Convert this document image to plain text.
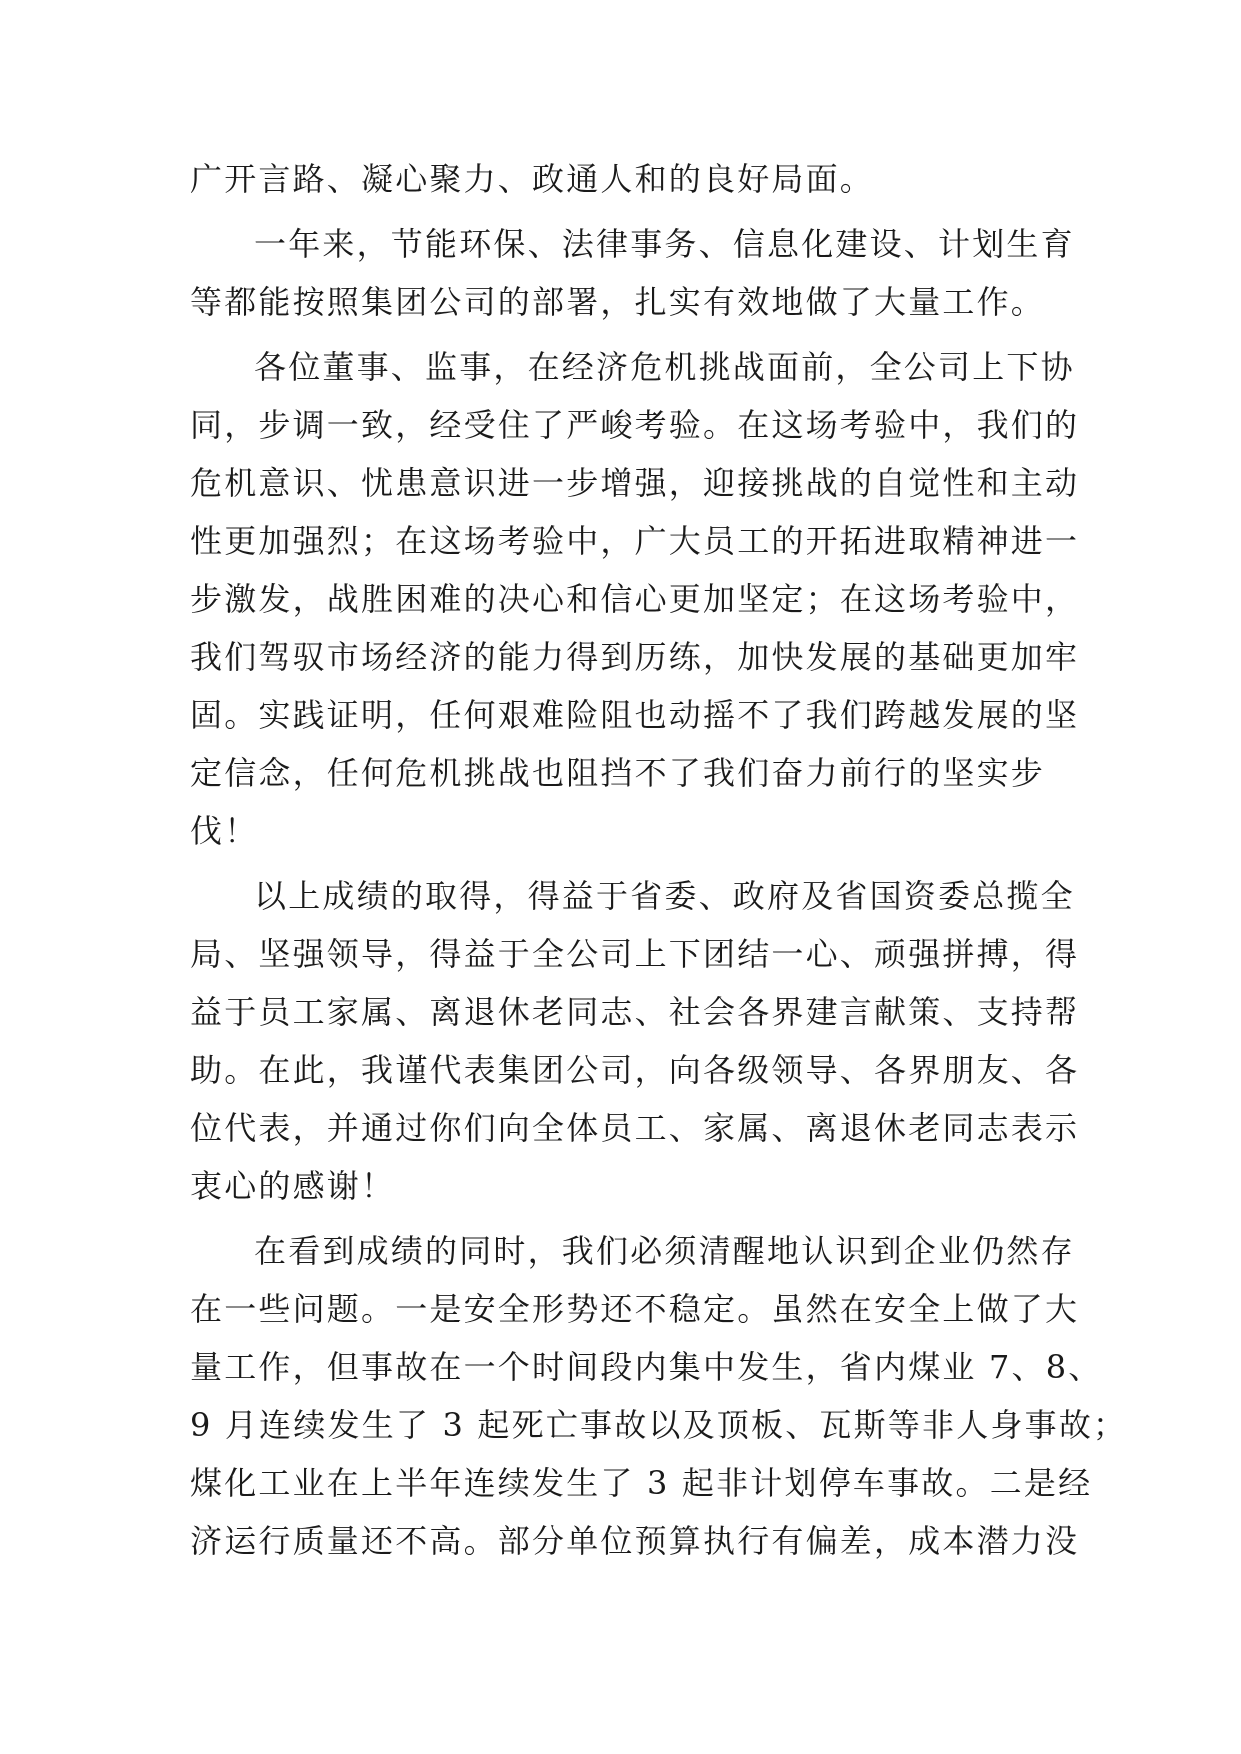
广开言路、凝心聚力、政通人和的良好局面。
一年来，节能环保、法律事务、信息化建设、计划生育
等都能按照集团公司的部署，扎实有效地做了大量工作。
各位董事、监事，在经济危机挑战面前，全公司上下协
同，步调一致，经受住了严峻考验。在这场考验中，我们的
危机意识、忧患意识进一步增强，迎接挑战的自觉性和主动
性更加强烈；在这场考验中，广大员工的开拓进取精神进一
步激发，战胜困难的决心和信心更加坚定；在这场考验中，
我们驾驭市场经济的能力得到历练，加快发展的基础更加牢
固。实践证明，任何艰难险阻也动摇不了我们跨越发展的坚
定信念，任何危机挑战也阻挡不了我们奋力前行的坚实步
伐！
以上成绩的取得，得益于省委、政府及省国资委总揽全
局、坚强领导，得益于全公司上下团结一心、顽强拼搏，得
益于员工家属、离退休老同志、社会各界建言献策、支持帮
助。在此，我谨代表集团公司，向各级领导、各界朋友、各
位代表，并通过你们向全体员工、家属、离退休老同志表示
衷心的感谢！
在看到成绩的同时，我们必须清醒地认识到企业仍然存
在一些问题。一是安全形势还不稳定。虽然在安全上做了大
量工作，但事故在一个时间段内集中发生，省内煤业 7、8、
9 月连续发生了 3 起死亡事故以及顶板、瓦斯等非人身事故；
煤化工业在上半年连续发生了 3 起非计划停车事故。二是经
济运行质量还不高。部分单位预算执行有偏差，成本潜力没
